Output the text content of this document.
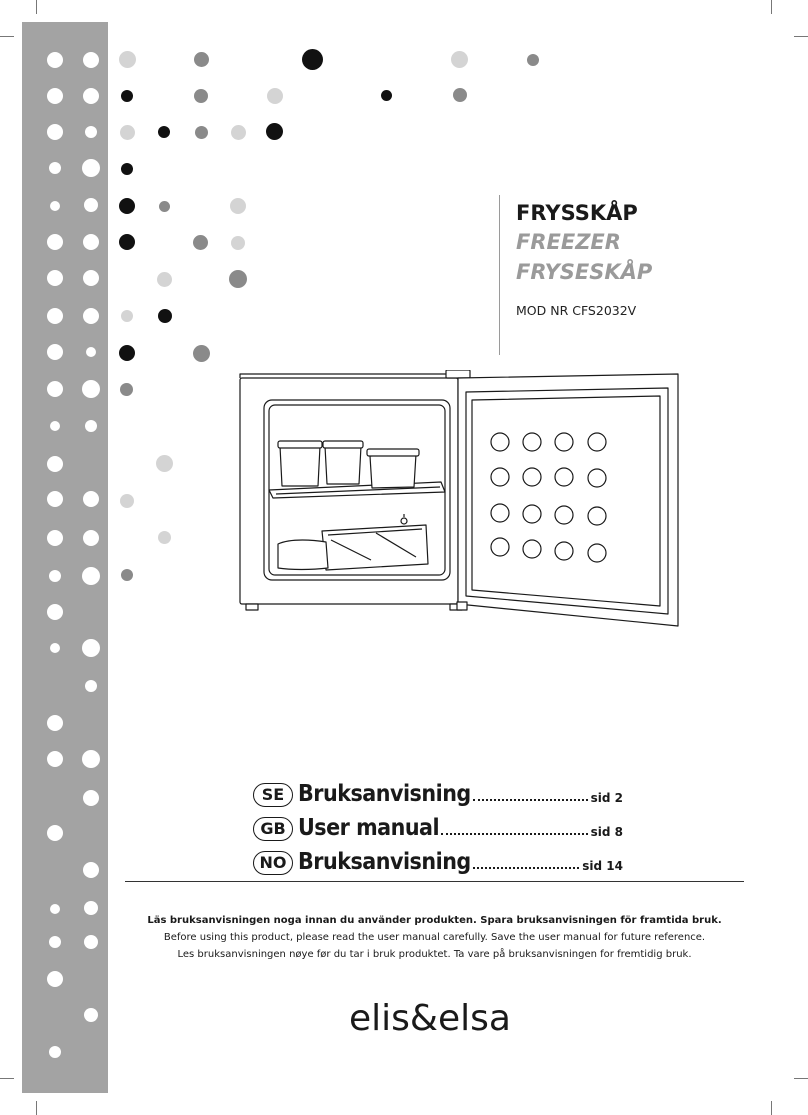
FRYSSKÅP
FREEZER
FRYSESKÅP
MOD NR CFS2032V
SE Bruksanvisning	sid 2
GB User manual	sid 8
NO Bruksanvisning	sid 14
Läs bruksanvisningen noga innan du använder produkten. Spara bruksanvisningen för framtida bruk.
Before using this product, please read the user manual carefully. Save the user manual for future reference.
Les bruksanvisningen nøye før du tar i bruk produktet. Ta vare på bruksanvisningen for fremtidig bruk.
elis&elsa
